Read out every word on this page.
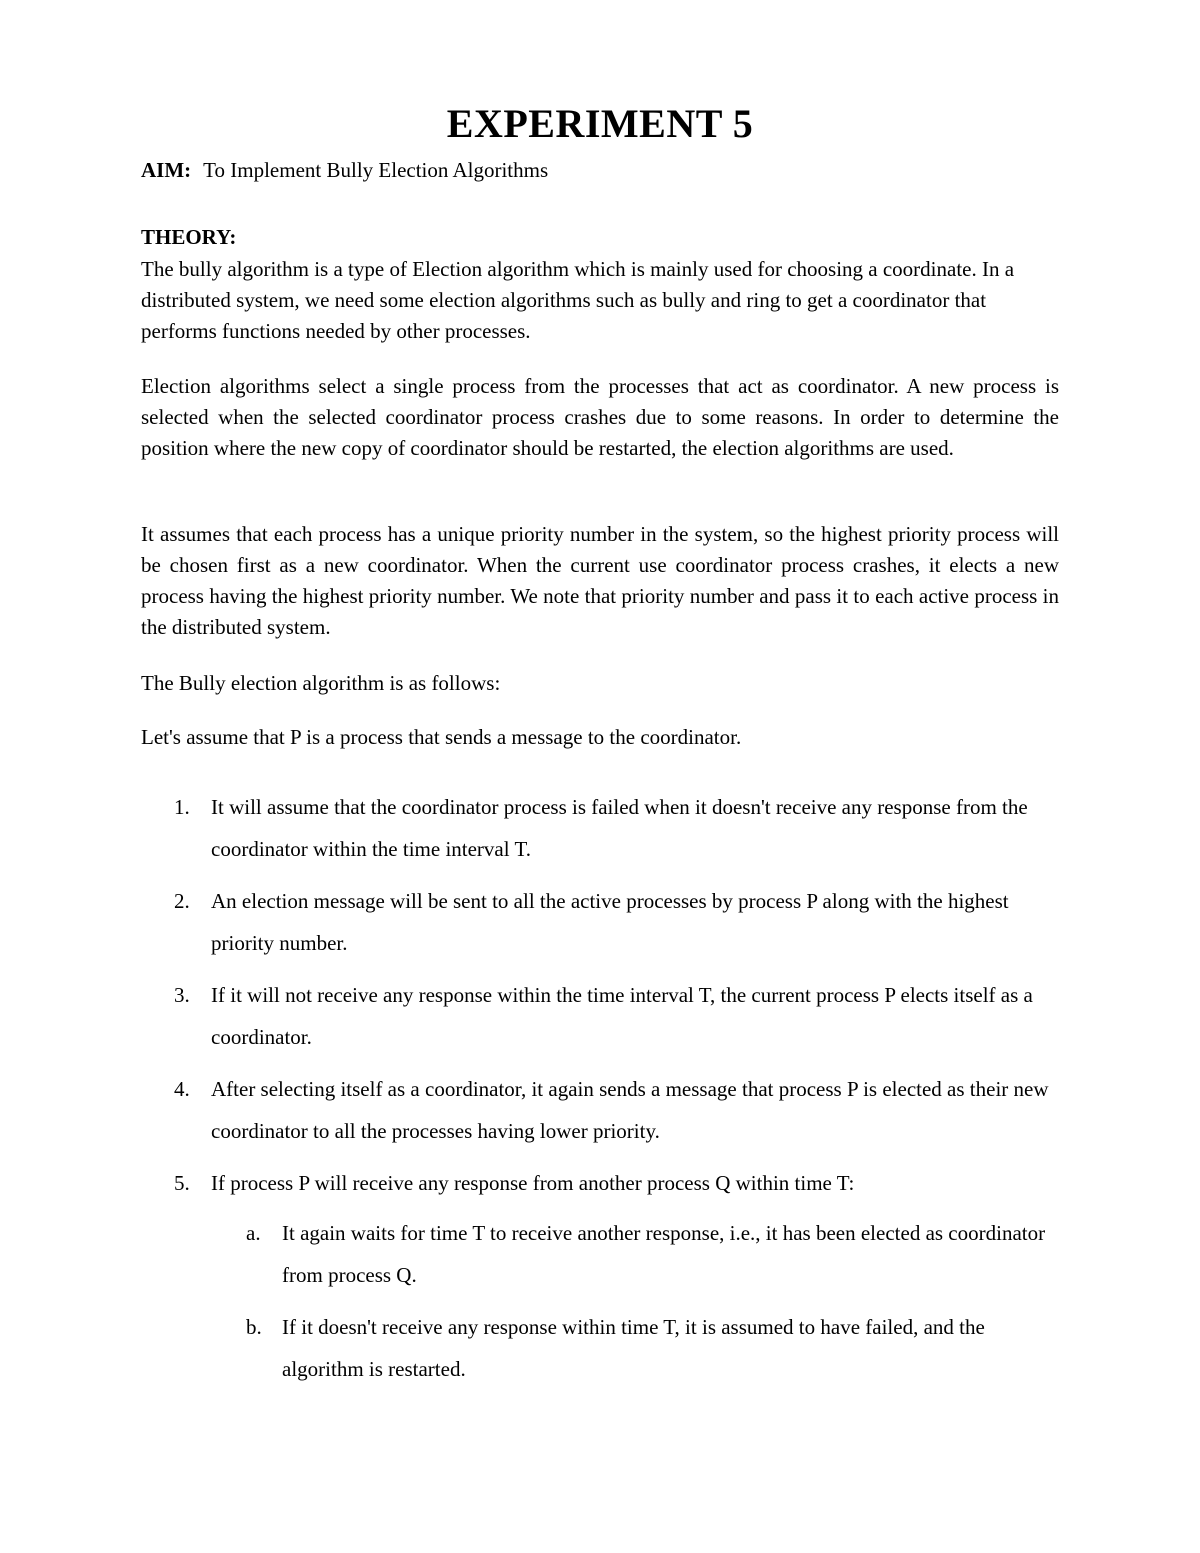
EXPERIMENT 5
AIM: To Implement Bully Election Algorithms
THEORY:

The bully algorithm is a type of Election algorithm which is mainly used for choosing a coordinate. In a distributed system, we need some election algorithms such as bully and ring to get a coordinator that performs functions needed by other processes.

Election algorithms select a single process from the processes that act as coordinator. A new process is selected when the selected coordinator process crashes due to some reasons. In order to determine the position where the new copy of coordinator should be restarted, the election algorithms are used.

It assumes that each process has a unique priority number in the system, so the highest priority process will be chosen first as a new coordinator. When the current use coordinator process crashes, it elects a new process having the highest priority number. We note that priority number and pass it to each active process in the distributed system.

The Bully election algorithm is as follows:

Let's assume that P is a process that sends a message to the coordinator.

1. It will assume that the coordinator process is failed when it doesn't receive any response from the coordinator within the time interval T.
2. An election message will be sent to all the active processes by process P along with the highest priority number.
3. If it will not receive any response within the time interval T, the current process P elects itself as a coordinator.
4. After selecting itself as a coordinator, it again sends a message that process P is elected as their new coordinator to all the processes having lower priority.
5. If process P will receive any response from another process Q within time T:
a. It again waits for time T to receive another response, i.e., it has been elected as coordinator from process Q.
b. If it doesn't receive any response within time T, it is assumed to have failed, and the algorithm is restarted.
